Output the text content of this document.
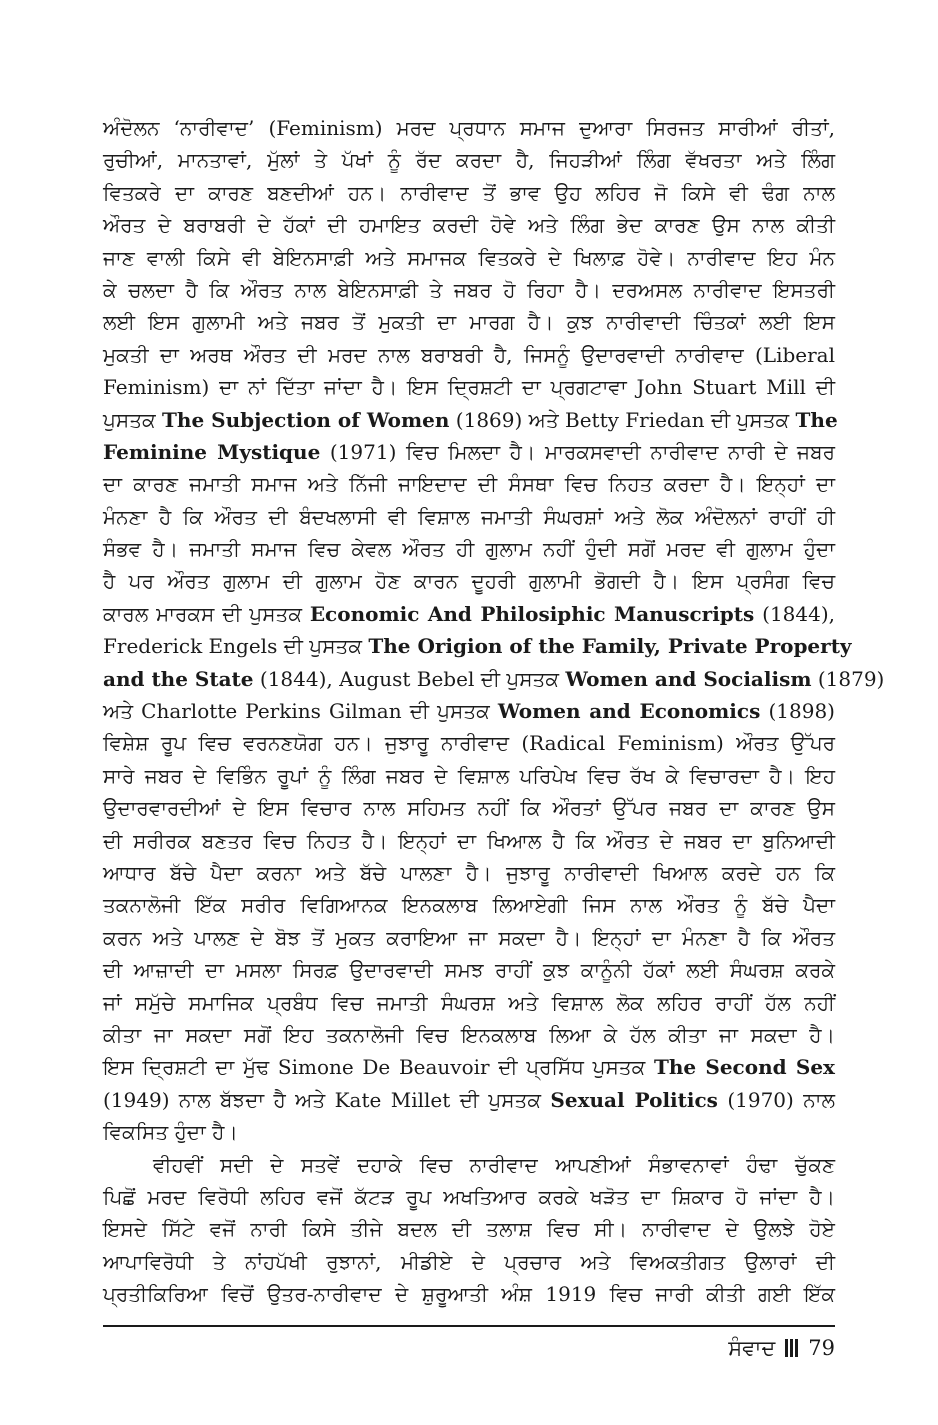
ਅੰਦੋਲਨ ‘ਨਾਰੀਵਾਦ’ (Feminism) ਮਰਦ ਪ੍ਰਧਾਨ ਸਮਾਜ ਦੁਆਰਾ ਸਿਰਜਤ ਸਾਰੀਆਂ ਰੀਤਾਂ,
ਰੁਚੀਆਂ, ਮਾਨਤਾਵਾਂ, ਮੁੱਲਾਂ ਤੇ ਪੱਖਾਂ ਨੂੰ ਰੱਦ ਕਰਦਾ ਹੈ, ਜਿਹੜੀਆਂ ਲਿੰਗ ਵੱਖਰਤਾ ਅਤੇ ਲਿੰਗ
ਵਿਤਕਰੇ ਦਾ ਕਾਰਣ ਬਣਦੀਆਂ ਹਨ। ਨਾਰੀਵਾਦ ਤੋਂ ਭਾਵ ਉਹ ਲਹਿਰ ਜੋ ਕਿਸੇ ਵੀ ਢੰਗ ਨਾਲ
ਔਰਤ ਦੇ ਬਰਾਬਰੀ ਦੇ ਹੱਕਾਂ ਦੀ ਹਮਾਇਤ ਕਰਦੀ ਹੋਵੇ ਅਤੇ ਲਿੰਗ ਭੇਦ ਕਾਰਣ ਉਸ ਨਾਲ ਕੀਤੀ
ਜਾਣ ਵਾਲੀ ਕਿਸੇ ਵੀ ਬੇਇਨਸਾਫ਼ੀ ਅਤੇ ਸਮਾਜਕ ਵਿਤਕਰੇ ਦੇ ਖਿਲਾਫ਼ ਹੋਵੇ। ਨਾਰੀਵਾਦ ਇਹ ਮੰਨ
ਕੇ ਚਲਦਾ ਹੈ ਕਿ ਔਰਤ ਨਾਲ ਬੇਇਨਸਾਫ਼ੀ ਤੇ ਜਬਰ ਹੋ ਰਿਹਾ ਹੈ। ਦਰਅਸਲ ਨਾਰੀਵਾਦ ਇਸਤਰੀ
ਲਈ ਇਸ ਗੁਲਾਮੀ ਅਤੇ ਜਬਰ ਤੋਂ ਮੁਕਤੀ ਦਾ ਮਾਰਗ ਹੈ। ਕੁਝ ਨਾਰੀਵਾਦੀ ਚਿੰਤਕਾਂ ਲਈ ਇਸ
ਮੁਕਤੀ ਦਾ ਅਰਥ ਔਰਤ ਦੀ ਮਰਦ ਨਾਲ ਬਰਾਬਰੀ ਹੈ, ਜਿਸਨੂੰ ਉਦਾਰਵਾਦੀ ਨਾਰੀਵਾਦ (Liberal
Feminism) ਦਾ ਨਾਂ ਦਿੱਤਾ ਜਾਂਦਾ ਹੈ। ਇਸ ਦ੍ਰਿਸ਼ਟੀ ਦਾ ਪ੍ਰਗਟਾਵਾ John Stuart Mill ਦੀ
ਪੁਸਤਕ The Subjection of Women (1869) ਅਤੇ Betty Friedan ਦੀ ਪੁਸਤਕ The
Feminine Mystique (1971) ਵਿਚ ਮਿਲਦਾ ਹੈ। ਮਾਰਕਸਵਾਦੀ ਨਾਰੀਵਾਦ ਨਾਰੀ ਦੇ ਜਬਰ
ਦਾ ਕਾਰਣ ਜਮਾਤੀ ਸਮਾਜ ਅਤੇ ਨਿੱਜੀ ਜਾਇਦਾਦ ਦੀ ਸੰਸਥਾ ਵਿਚ ਨਿਹਤ ਕਰਦਾ ਹੈ। ਇਨ੍ਹਾਂ ਦਾ
ਮੰਨਣਾ ਹੈ ਕਿ ਔਰਤ ਦੀ ਬੰਦਖਲਾਸੀ ਵੀ ਵਿਸ਼ਾਲ ਜਮਾਤੀ ਸੰਘਰਸ਼ਾਂ ਅਤੇ ਲੋਕ ਅੰਦੋਲਨਾਂ ਰਾਹੀਂ ਹੀ
ਸੰਭਵ ਹੈ। ਜਮਾਤੀ ਸਮਾਜ ਵਿਚ ਕੇਵਲ ਔਰਤ ਹੀ ਗੁਲਾਮ ਨਹੀਂ ਹੁੰਦੀ ਸਗੋਂ ਮਰਦ ਵੀ ਗੁਲਾਮ ਹੁੰਦਾ
ਹੈ ਪਰ ਔਰਤ ਗੁਲਾਮ ਦੀ ਗੁਲਾਮ ਹੋਣ ਕਾਰਨ ਦੂਹਰੀ ਗੁਲਾਮੀ ਭੋਗਦੀ ਹੈ। ਇਸ ਪ੍ਰਸੰਗ ਵਿਚ
ਕਾਰਲ ਮਾਰਕਸ ਦੀ ਪੁਸਤਕ Economic And Philosiphic Manuscripts (1844),
Frederick Engels ਦੀ ਪੁਸਤਕ The Origion of the Family, Private Property
and the State (1844), August Bebel ਦੀ ਪੁਸਤਕ Women and Socialism (1879)
ਅਤੇ Charlotte Perkins Gilman ਦੀ ਪੁਸਤਕ Women and Economics (1898)
ਵਿਸ਼ੇਸ਼ ਰੂਪ ਵਿਚ ਵਰਨਣਯੋਗ ਹਨ। ਜੁਝਾਰੂ ਨਾਰੀਵਾਦ (Radical Feminism) ਔਰਤ ਉੱਪਰ
ਸਾਰੇ ਜਬਰ ਦੇ ਵਿਭਿੰਨ ਰੂਪਾਂ ਨੂੰ ਲਿੰਗ ਜਬਰ ਦੇ ਵਿਸ਼ਾਲ ਪਰਿਪੇਖ ਵਿਚ ਰੱਖ ਕੇ ਵਿਚਾਰਦਾ ਹੈ। ਇਹ
ਉਦਾਰਵਾਰਦੀਆਂ ਦੇ ਇਸ ਵਿਚਾਰ ਨਾਲ ਸਹਿਮਤ ਨਹੀਂ ਕਿ ਔਰਤਾਂ ਉੱਪਰ ਜਬਰ ਦਾ ਕਾਰਣ ਉਸ
ਦੀ ਸਰੀਰਕ ਬਣਤਰ ਵਿਚ ਨਿਹਤ ਹੈ। ਇਨ੍ਹਾਂ ਦਾ ਖਿਆਲ ਹੈ ਕਿ ਔਰਤ ਦੇ ਜਬਰ ਦਾ ਬੁਨਿਆਦੀ
ਆਧਾਰ ਬੱਚੇ ਪੈਦਾ ਕਰਨਾ ਅਤੇ ਬੱਚੇ ਪਾਲਣਾ ਹੈ। ਜੁਝਾਰੂ ਨਾਰੀਵਾਦੀ ਖਿਆਲ ਕਰਦੇ ਹਨ ਕਿ
ਤਕਨਾਲੋਜੀ ਇੱਕ ਸਰੀਰ ਵਿਗਿਆਨਕ ਇਨਕਲਾਬ ਲਿਆਏਗੀ ਜਿਸ ਨਾਲ ਔਰਤ ਨੂੰ ਬੱਚੇ ਪੈਦਾ
ਕਰਨ ਅਤੇ ਪਾਲਣ ਦੇ ਬੋਝ ਤੋਂ ਮੁਕਤ ਕਰਾਇਆ ਜਾ ਸਕਦਾ ਹੈ। ਇਨ੍ਹਾਂ ਦਾ ਮੰਨਣਾ ਹੈ ਕਿ ਔਰਤ
ਦੀ ਆਜ਼ਾਦੀ ਦਾ ਮਸਲਾ ਸਿਰਫ਼ ਉਦਾਰਵਾਦੀ ਸਮਝ ਰਾਹੀਂ ਕੁਝ ਕਾਨੂੰਨੀ ਹੱਕਾਂ ਲਈ ਸੰਘਰਸ਼ ਕਰਕੇ
ਜਾਂ ਸਮੁੱਚੇ ਸਮਾਜਿਕ ਪ੍ਰਬੰਧ ਵਿਚ ਜਮਾਤੀ ਸੰਘਰਸ਼ ਅਤੇ ਵਿਸ਼ਾਲ ਲੋਕ ਲਹਿਰ ਰਾਹੀਂ ਹੱਲ ਨਹੀਂ
ਕੀਤਾ ਜਾ ਸਕਦਾ ਸਗੋਂ ਇਹ ਤਕਨਾਲੋਜੀ ਵਿਚ ਇਨਕਲਾਬ ਲਿਆ ਕੇ ਹੱਲ ਕੀਤਾ ਜਾ ਸਕਦਾ ਹੈ।
ਇਸ ਦ੍ਰਿਸ਼ਟੀ ਦਾ ਮੁੱਢ Simone De Beauvoir ਦੀ ਪ੍ਰਸਿੱਧ ਪੁਸਤਕ The Second Sex
(1949) ਨਾਲ ਬੱਝਦਾ ਹੈ ਅਤੇ Kate Millet ਦੀ ਪੁਸਤਕ Sexual Politics (1970) ਨਾਲ
ਵਿਕਸਿਤ ਹੁੰਦਾ ਹੈ।
ਵੀਹਵੀਂ ਸਦੀ ਦੇ ਸਤਵੇਂ ਦਹਾਕੇ ਵਿਚ ਨਾਰੀਵਾਦ ਆਪਣੀਆਂ ਸੰਭਾਵਨਾਵਾਂ ਹੰਢਾ ਚੁੱਕਣ
ਪਿਛੋਂ ਮਰਦ ਵਿਰੋਧੀ ਲਹਿਰ ਵਜੋਂ ਕੱਟੜ ਰੂਪ ਅਖਤਿਆਰ ਕਰਕੇ ਖੜੋਤ ਦਾ ਸ਼ਿਕਾਰ ਹੋ ਜਾਂਦਾ ਹੈ।
ਇਸਦੇ ਸਿੱਟੇ ਵਜੋਂ ਨਾਰੀ ਕਿਸੇ ਤੀਜੇ ਬਦਲ ਦੀ ਤਲਾਸ਼ ਵਿਚ ਸੀ। ਨਾਰੀਵਾਦ ਦੇ ਉਲਝੇ ਹੋਏ
ਆਪਾਵਿਰੋਧੀ ਤੇ ਨਾਂਹਪੱਖੀ ਰੁਝਾਨਾਂ, ਮੀਡੀਏ ਦੇ ਪ੍ਰਚਾਰ ਅਤੇ ਵਿਅਕਤੀਗਤ ਉਲਾਰਾਂ ਦੀ
ਪ੍ਰਤੀਕਿਰਿਆ ਵਿਚੋਂ ਉਤਰ-ਨਾਰੀਵਾਦ ਦੇ ਸ਼ੁਰੂਆਤੀ ਅੰਸ਼ 1919 ਵਿਚ ਜਾਰੀ ਕੀਤੀ ਗਈ ਇੱਕ
ਸੰਵਾਦ 79
